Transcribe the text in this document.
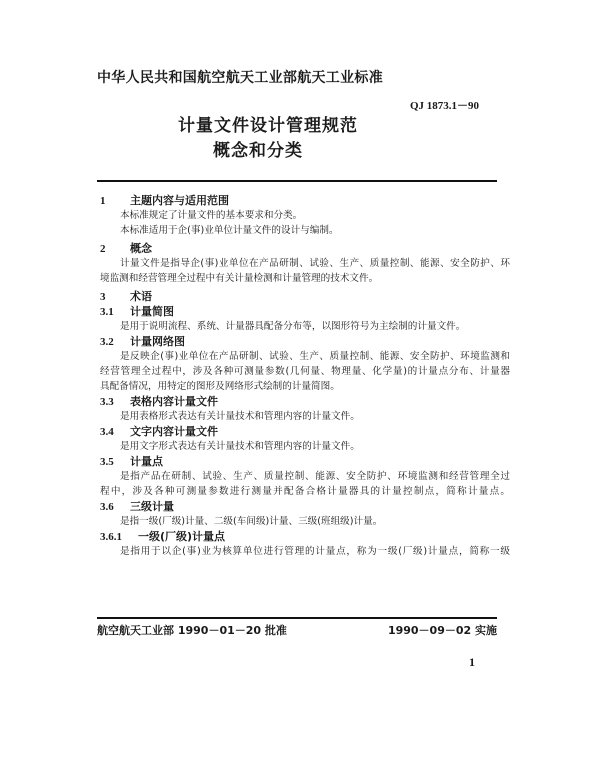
中华人民共和国航空航天工业部航天工业标准
QJ 1873.1－90
计量文件设计管理规范
概念和分类
1 主题内容与适用范围
本标准规定了计量文件的基本要求和分类。
本标准适用于企(事)业单位计量文件的设计与编制。
2 概念
计量文件是指导企(事)业单位在产品研制、试验、生产、质量控制、能源、安全防护、环
境监测和经营管理全过程中有关计量检测和计量管理的技术文件。
3 术语
3.1 计量简图
是用于说明流程、系统、计量器具配备分布等，以图形符号为主绘制的计量文件。
3.2 计量网络图
是反映企(事)业单位在产品研制、试验、生产、质量控制、能源、安全防护、环境监测和
经营管理全过程中，涉及各种可测量参数(几何量、物理量、化学量)的计量点分布、计量器
具配备情况，用特定的图形及网络形式绘制的计量简图。
3.3 表格内容计量文件
是用表格形式表达有关计量技术和管理内容的计量文件。
3.4 文字内容计量文件
是用文字形式表达有关计量技术和管理内容的计量文件。
3.5 计量点
是指产品在研制、试验、生产、质量控制、能源、安全防护、环境监测和经营管理全过
程中，涉及各种可测量参数进行测量并配备合格计量器具的计量控制点，简称计量点。
3.6 三级计量
是指一级(厂级)计量、二级(车间级)计量、三级(班组级)计量。
3.6.1 一级(厂级)计量点
是指用于以企(事)业为核算单位进行管理的计量点，称为一级(厂级)计量点，简称一级
航空航天工业部 1990－01－20 批准	1990－09－02 实施
1
